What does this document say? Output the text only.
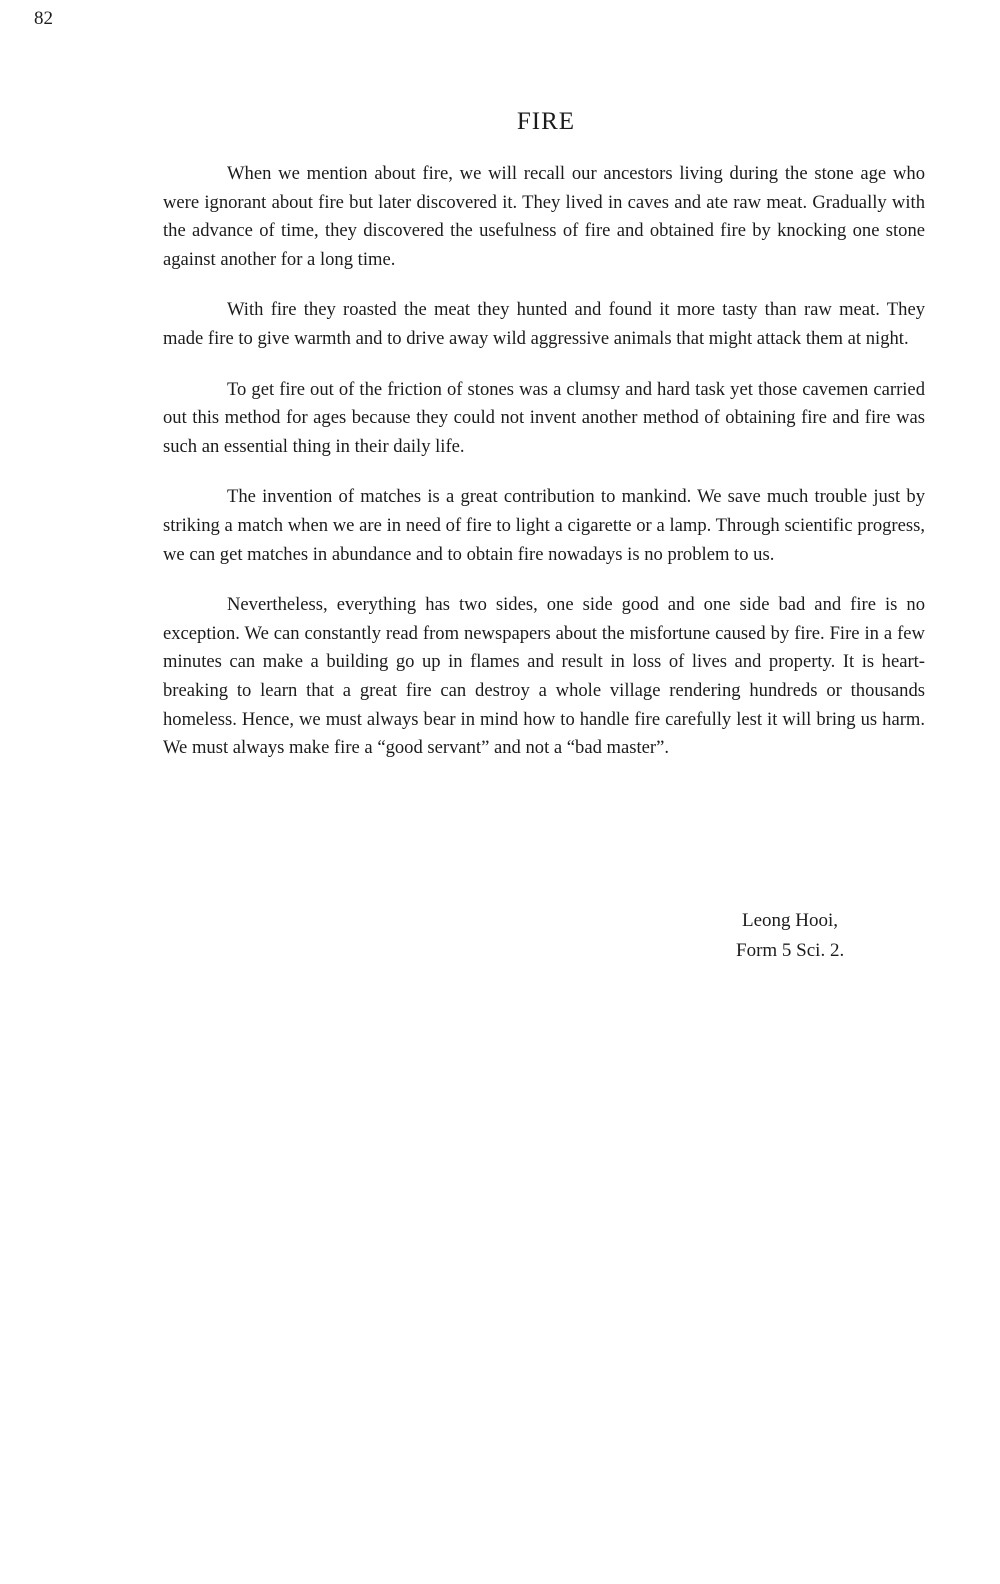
82
FIRE

When we mention about fire, we will recall our ancestors living during the stone age who were ignorant about fire but later discovered it. They lived in caves and ate raw meat. Gradually with the advance of time, they discovered the usefulness of fire and obtained fire by knocking one stone against another for a long time.

With fire they roasted the meat they hunted and found it more tasty than raw meat. They made fire to give warmth and to drive away wild aggressive animals that might attack them at night.

To get fire out of the friction of stones was a clumsy and hard task yet those cavemen carried out this method for ages because they could not invent another method of obtaining fire and fire was such an essential thing in their daily life.

The invention of matches is a great contribution to mankind. We save much trouble just by striking a match when we are in need of fire to light a cigarette or a lamp. Through scientific progress, we can get matches in abundance and to obtain fire nowadays is no problem to us.

Nevertheless, everything has two sides, one side good and one side bad and fire is no exception. We can constantly read from newspapers about the misfortune caused by fire. Fire in a few minutes can make a building go up in flames and result in loss of lives and property. It is heart-breaking to learn that a great fire can destroy a whole village rendering hundreds or thousands homeless. Hence, we must always bear in mind how to handle fire carefully lest it will bring us harm. We must always make fire a “good servant” and not a “bad master”.

Leong Hooi,
Form 5 Sci. 2.
